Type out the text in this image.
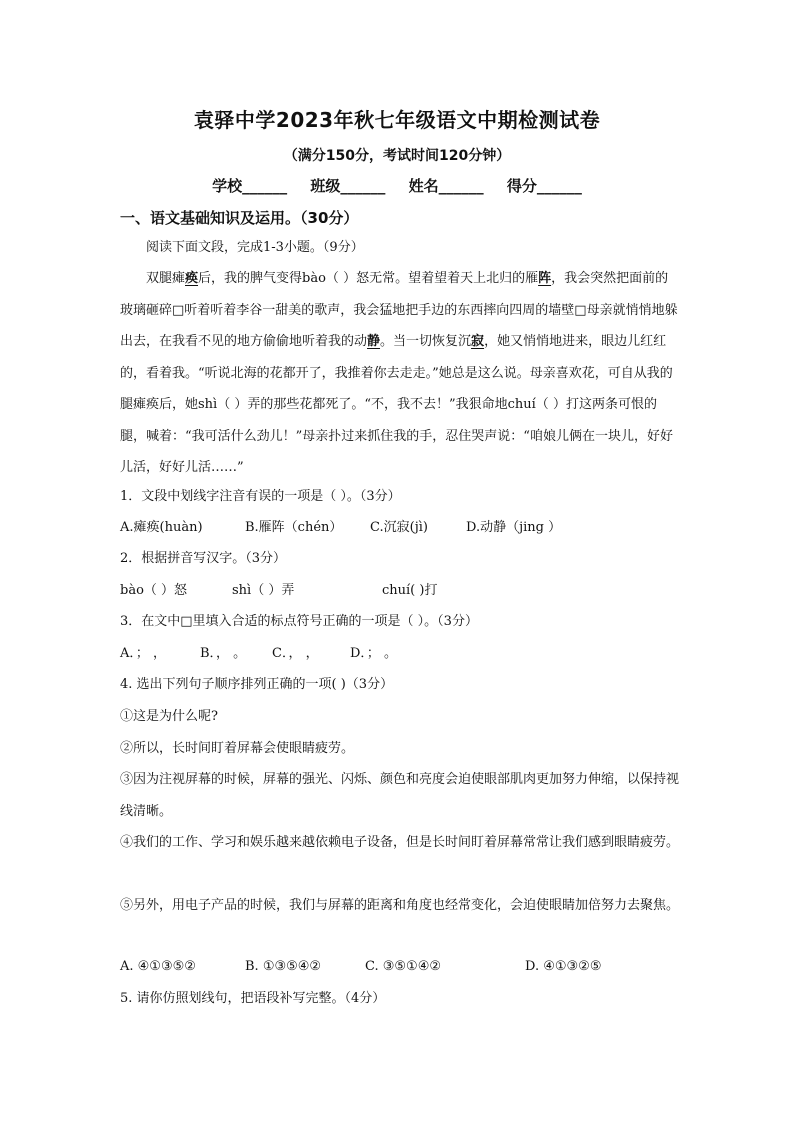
袁驿中学2023年秋七年级语文中期检测试卷
（满分150分，考试时间120分钟）
学校______ 班级______ 姓名______ 得分______
一、语文基础知识及运用。（30分）

阅读下面文段，完成1-3小题。（9分）

双腿瘫痪后，我的脾气变得bào（ ）怒无常。望着望着天上北归的雁阵，我会突然把面前的玻璃砸碎□听着听着李谷一甜美的歌声，我会猛地把手边的东西摔向四周的墙壁□母亲就悄悄地躲出去，在我看不见的地方偷偷地听着我的动静。当一切恢复沉寂，她又悄悄地进来，眼边儿红红的，看着我。“听说北海的花都开了，我推着你去走走。”她总是这么说。母亲喜欢花，可自从我的腿瘫痪后，她shì（ ）弄的那些花都死了。“不，我不去！”我狠命地chuí（ ）打这两条可恨的腿，喊着：“我可活什么劲儿！”母亲扑过来抓住我的手，忍住哭声说：“咱娘儿俩在一块儿，好好儿活，好好儿活……”

1．文段中划线字注音有误的一项是（ ）。（3分）

A.瘫痪(huàn)	B.雁阵（chén） C.沉寂(jì)	D.动静（jing ）

2．根据拼音写汉字。（3分）

bào（ ）怒	shì（ ）弄	chuí( )打

3．在文中□里填入合适的标点符号正确的一项是（ ）。（3分）

A．； ，	B．， 。 C．， ， D．； 。

4. 选出下列句子顺序排列正确的一项( )（3分）

①这是为什么呢?

②所以，长时间盯着屏幕会使眼睛疲劳。

③因为注视屏幕的时候，屏幕的强光、闪烁、颜色和亮度会迫使眼部肌肉更加努力伸缩，以保持视线清晰。

④我们的工作、学习和娱乐越来越依赖电子设备，但是长时间盯着屏幕常常让我们感到眼睛疲劳。

⑤另外，用电子产品的时候，我们与屏幕的距离和角度也经常变化，会迫使眼睛加倍努力去聚焦。

A. ④①③⑤②	B. ①③⑤④②	C. ③⑤①④②	D. ④①③②⑤

5. 请你仿照划线句，把语段补写完整。（4分）
